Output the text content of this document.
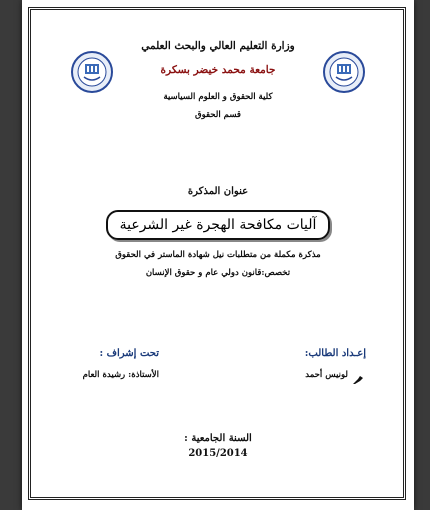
وزارة التعليم العالي والبحث العلمي
جامعة محمد خيضر بسكرة
كلية الحقوق و العلوم السياسية
قسم الحقوق
عنوان المذكرة
آليات مكافحة الهجرة غير الشرعية
مذكرة مكملة من متطلبات نيل شهادة الماستر في الحقوق
تخصص:قانون دولي عام و حقوق الإنسان
إعـداد الطالب:
تحت إشراف :
لونيس أحمد
الأستاذة: رشيدة العام
السنة الجامعية :
2015/2014
